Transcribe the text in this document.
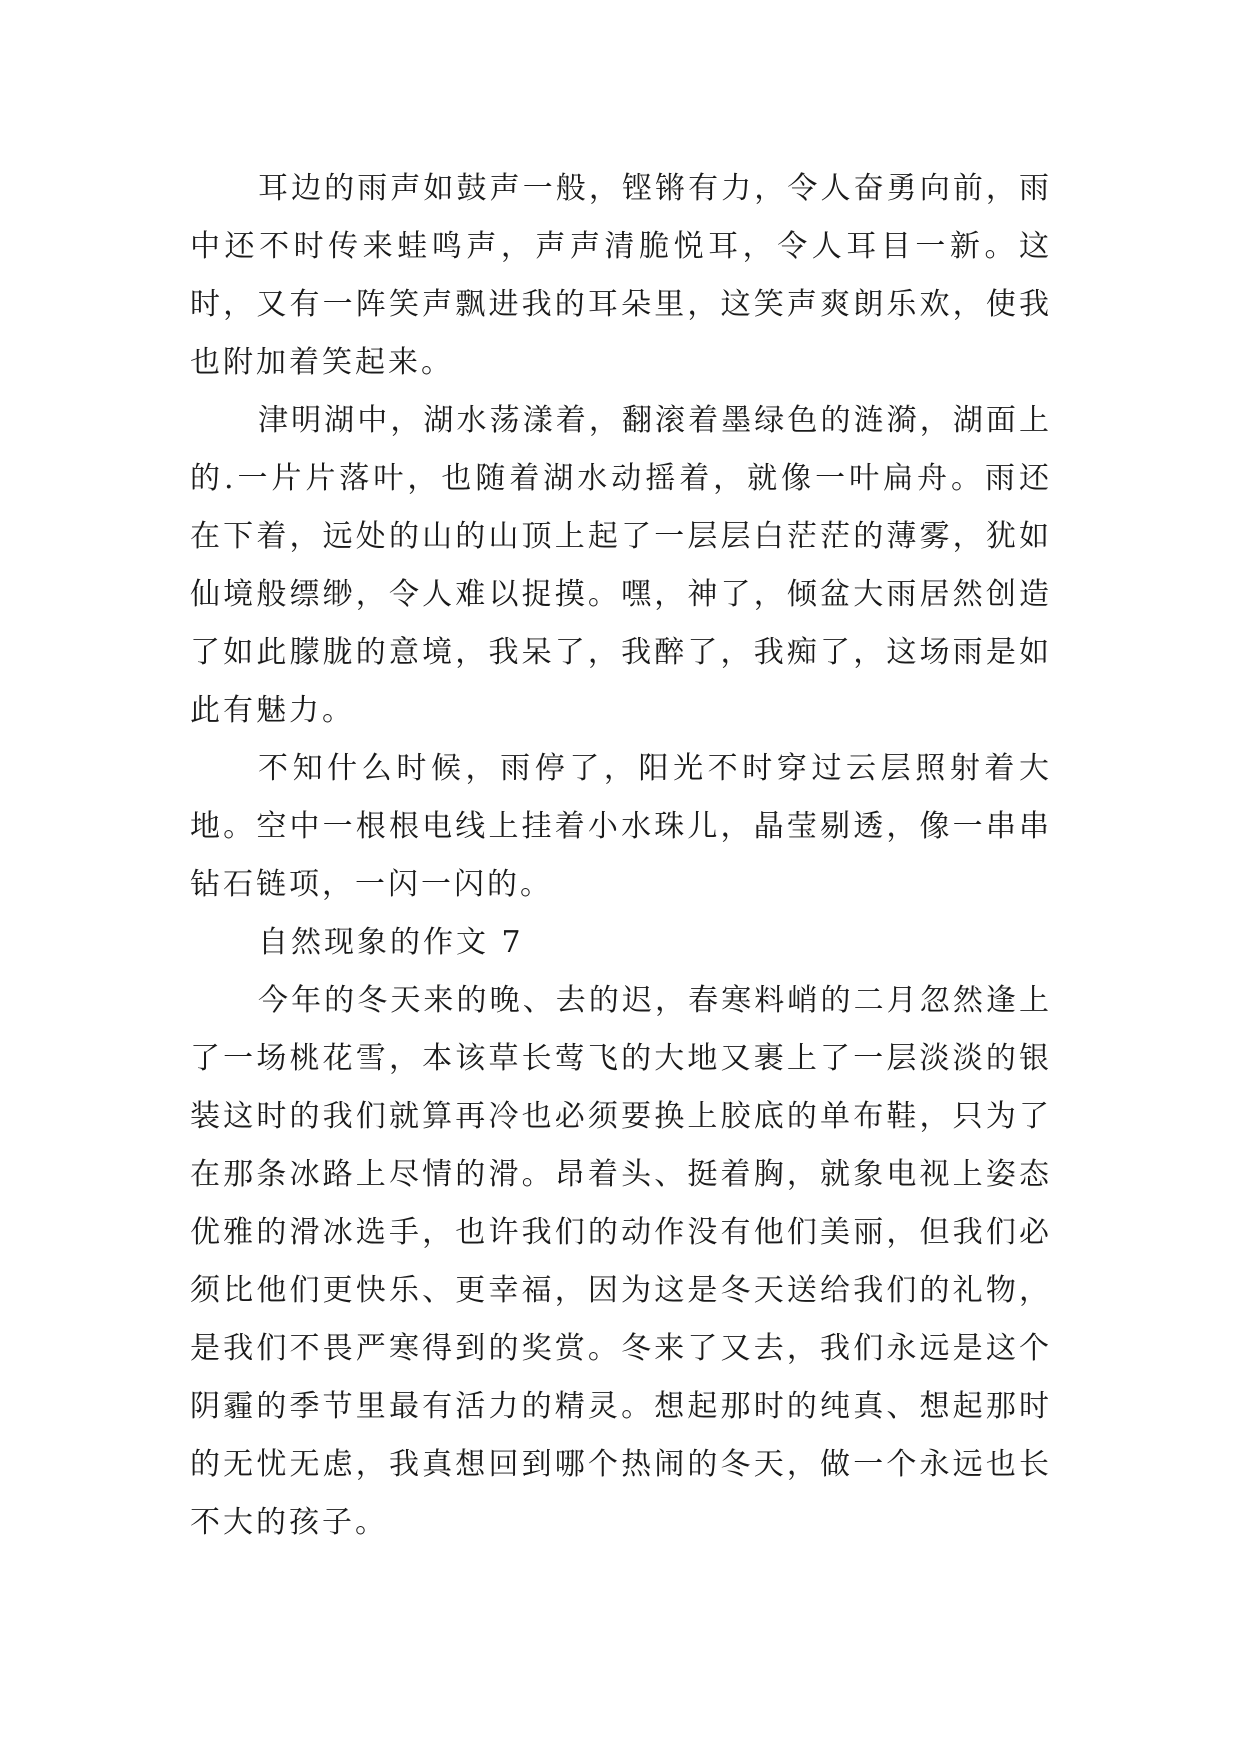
耳边的雨声如鼓声一般，铿锵有力，令人奋勇向前，雨中还不时传来蛙鸣声，声声清脆悦耳，令人耳目一新。这时，又有一阵笑声飘进我的耳朵里，这笑声爽朗乐欢，使我也附加着笑起来。

津明湖中，湖水荡漾着，翻滚着墨绿色的涟漪，湖面上的.一片片落叶，也随着湖水动摇着，就像一叶扁舟。雨还在下着，远处的山的山顶上起了一层层白茫茫的薄雾，犹如仙境般缥缈，令人难以捉摸。嘿，神了，倾盆大雨居然创造了如此朦胧的意境，我呆了，我醉了，我痴了，这场雨是如此有魅力。

不知什么时候，雨停了，阳光不时穿过云层照射着大地。空中一根根电线上挂着小水珠儿，晶莹剔透，像一串串钻石链项，一闪一闪的。

自然现象的作文 7

今年的冬天来的晚、去的迟，春寒料峭的二月忽然逢上了一场桃花雪，本该草长莺飞的大地又裹上了一层淡淡的银装这时的我们就算再冷也必须要换上胶底的单布鞋，只为了在那条冰路上尽情的滑。昂着头、挺着胸，就象电视上姿态优雅的滑冰选手，也许我们的动作没有他们美丽，但我们必须比他们更快乐、更幸福，因为这是冬天送给我们的礼物，是我们不畏严寒得到的奖赏。冬来了又去，我们永远是这个阴霾的季节里最有活力的精灵。想起那时的纯真、想起那时的无忧无虑，我真想回到哪个热闹的冬天，做一个永远也长不大的孩子。
